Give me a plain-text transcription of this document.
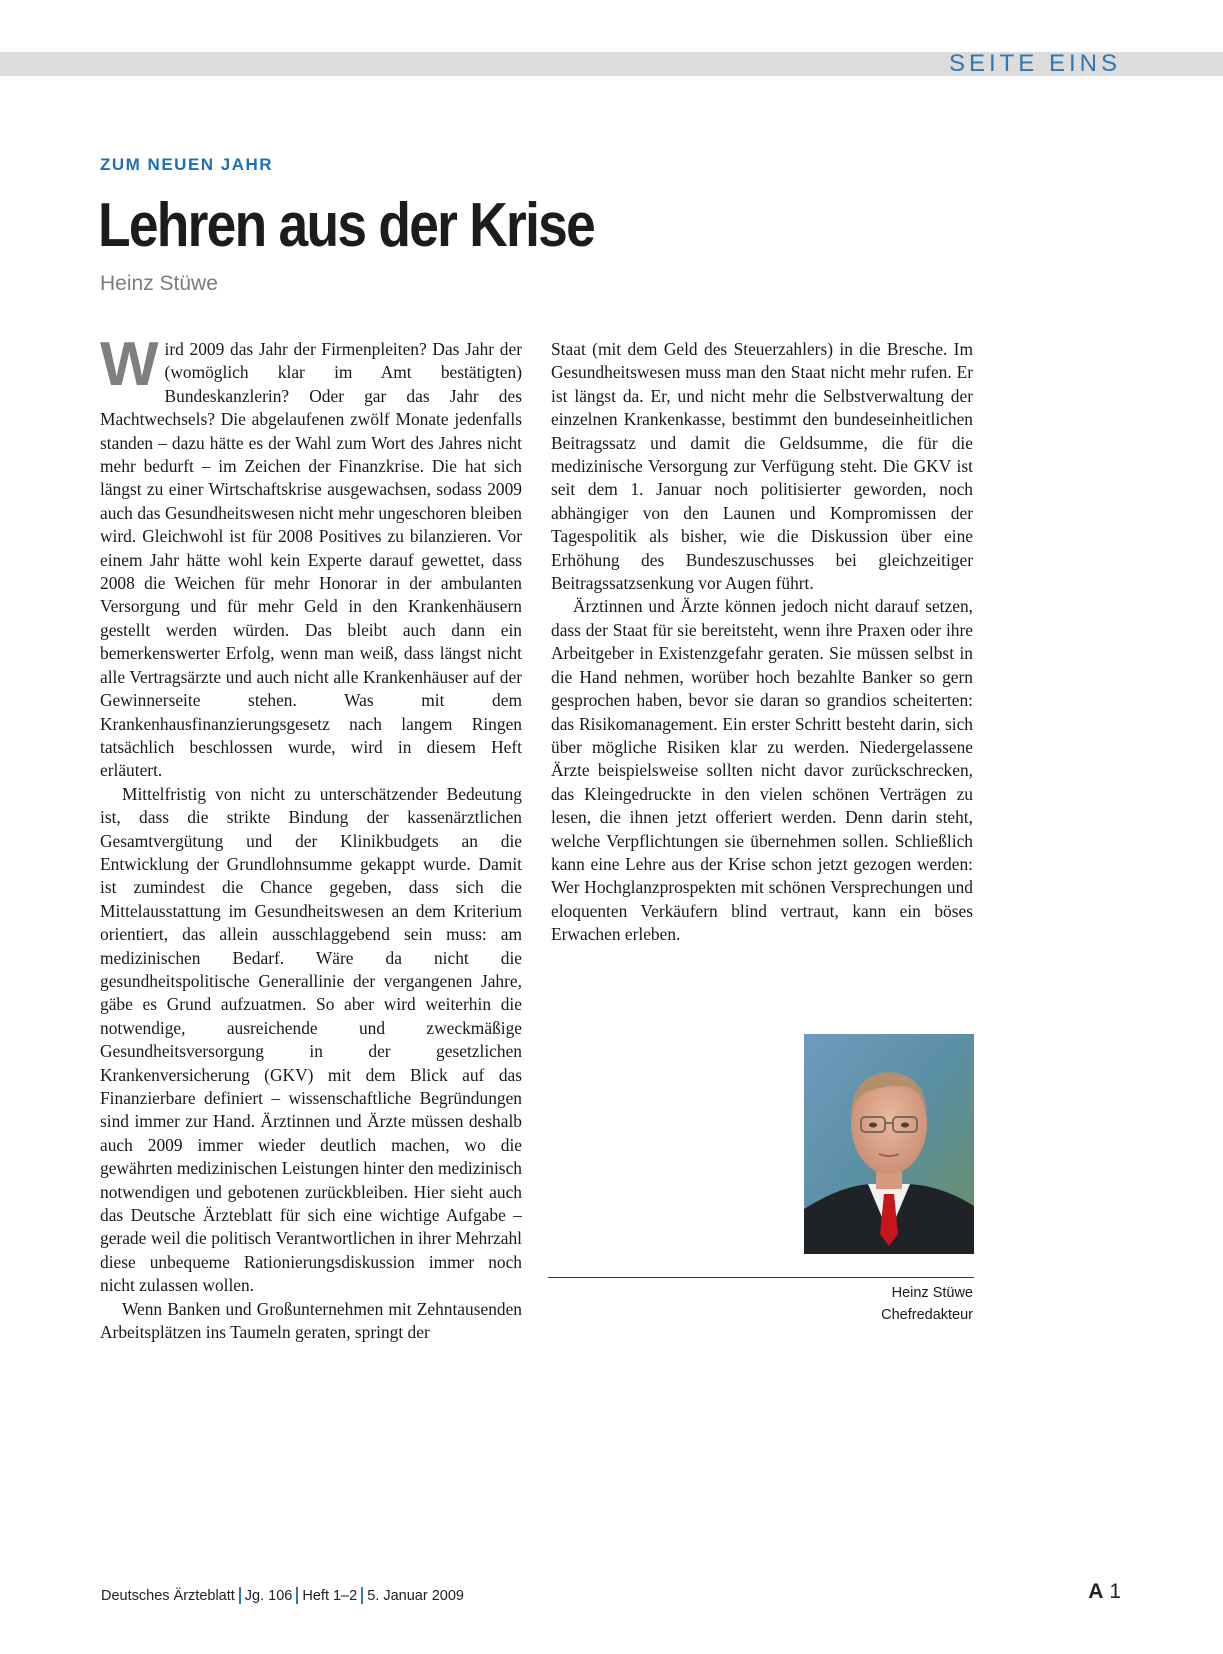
SEITE EINS
ZUM NEUEN JAHR
Lehren aus der Krise
Heinz Stüwe

Wird 2009 das Jahr der Firmenpleiten? Das Jahr der (womöglich klar im Amt bestätigten) Bundeskanzlerin? Oder gar das Jahr des Machtwechsels? Die abgelaufenen zwölf Monate jedenfalls standen – dazu hätte es der Wahl zum Wort des Jahres nicht mehr bedurft – im Zeichen der Finanzkrise. Die hat sich längst zu einer Wirtschaftskrise ausgewachsen, sodass 2009 auch das Gesundheitswesen nicht mehr ungeschoren bleiben wird. Gleichwohl ist für 2008 Positives zu bilanzieren. Vor einem Jahr hätte wohl kein Experte darauf gewettet, dass 2008 die Weichen für mehr Honorar in der ambulanten Versorgung und für mehr Geld in den Krankenhäusern gestellt werden würden. Das bleibt auch dann ein bemerkenswerter Erfolg, wenn man weiß, dass längst nicht alle Vertragsärzte und auch nicht alle Krankenhäuser auf der Gewinnerseite stehen. Was mit dem Krankenhausfinanzierungsgesetz nach langem Ringen tatsächlich beschlossen wurde, wird in diesem Heft erläutert.

Mittelfristig von nicht zu unterschätzender Bedeutung ist, dass die strikte Bindung der kassenärztlichen Gesamtvergütung und der Klinikbudgets an die Entwicklung der Grundlohnsumme gekappt wurde. Damit ist zumindest die Chance gegeben, dass sich die Mittelausstattung im Gesundheitswesen an dem Kriterium orientiert, das allein ausschlaggebend sein muss: am medizinischen Bedarf. Wäre da nicht die gesundheitspolitische Generallinie der vergangenen Jahre, gäbe es Grund aufzuatmen. So aber wird weiterhin die notwendige, ausreichende und zweckmäßige Gesundheitsversorgung in der gesetzlichen Krankenversicherung (GKV) mit dem Blick auf das Finanzierbare definiert – wissenschaftliche Begründungen sind immer zur Hand. Ärztinnen und Ärzte müssen deshalb auch 2009 immer wieder deutlich machen, wo die gewährten medizinischen Leistungen hinter den medizinisch notwendigen und gebotenen zurückbleiben. Hier sieht auch das Deutsche Ärzteblatt für sich eine wichtige Aufgabe – gerade weil die politisch Verantwortlichen in ihrer Mehrzahl diese unbequeme Rationierungsdiskussion immer noch nicht zulassen wollen.

Wenn Banken und Großunternehmen mit Zehntausenden Arbeitsplätzen ins Taumeln geraten, springt der

Staat (mit dem Geld des Steuerzahlers) in die Bresche. Im Gesundheitswesen muss man den Staat nicht mehr rufen. Er ist längst da. Er, und nicht mehr die Selbstverwaltung der einzelnen Krankenkasse, bestimmt den bundeseinheitlichen Beitragssatz und damit die Geldsumme, die für die medizinische Versorgung zur Verfügung steht. Die GKV ist seit dem 1. Januar noch politisierter geworden, noch abhängiger von den Launen und Kompromissen der Tagespolitik als bisher, wie die Diskussion über eine Erhöhung des Bundeszuschusses bei gleichzeitiger Beitragssatzsenkung vor Augen führt.

Ärztinnen und Ärzte können jedoch nicht darauf setzen, dass der Staat für sie bereitsteht, wenn ihre Praxen oder ihre Arbeitgeber in Existenzgefahr geraten. Sie müssen selbst in die Hand nehmen, worüber hoch bezahlte Banker so gern gesprochen haben, bevor sie daran so grandios scheiterten: das Risikomanagement. Ein erster Schritt besteht darin, sich über mögliche Risiken klar zu werden. Niedergelassene Ärzte beispielsweise sollten nicht davor zurückschrecken, das Kleingedruckte in den vielen schönen Verträgen zu lesen, die ihnen jetzt offeriert werden. Denn darin steht, welche Verpflichtungen sie übernehmen sollen. Schließlich kann eine Lehre aus der Krise schon jetzt gezogen werden: Wer Hochglanzprospekten mit schönen Versprechungen und eloquenten Verkäufern blind vertraut, kann ein böses Erwachen erleben.

Heinz Stüwe
Chefredakteur
Deutsches Ärzteblatt Jg. 106 Heft 1–2 5. Januar 2009	A 1
